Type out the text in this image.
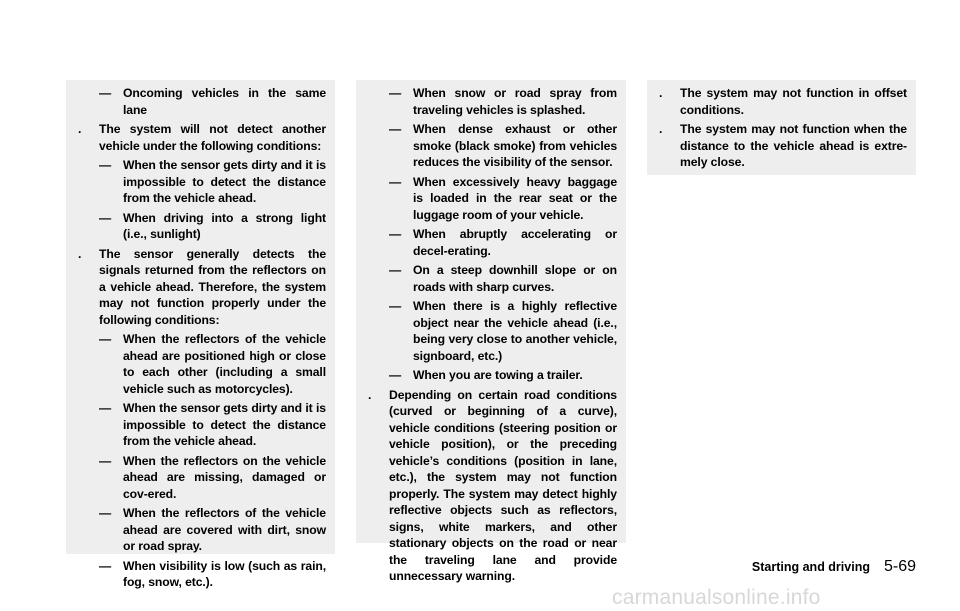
— Oncoming vehicles in the same lane
. The system will not detect another vehicle under the following conditions:
— When the sensor gets dirty and it is impossible to detect the distance from the vehicle ahead.
— When driving into a strong light (i.e., sunlight)
. The sensor generally detects the signals returned from the reflectors on a vehicle ahead. Therefore, the system may not function properly under the following conditions:
— When the reflectors of the vehicle ahead are positioned high or close to each other (including a small vehicle such as motorcycles).
— When the sensor gets dirty and it is impossible to detect the distance from the vehicle ahead.
— When the reflectors on the vehicle ahead are missing, damaged or cov-ered.
— When the reflectors of the vehicle ahead are covered with dirt, snow or road spray.
— When visibility is low (such as rain, fog, snow, etc.).
— When snow or road spray from traveling vehicles is splashed.
— When dense exhaust or other smoke (black smoke) from vehicles reduces the visibility of the sensor.
— When excessively heavy baggage is loaded in the rear seat or the luggage room of your vehicle.
— When abruptly accelerating or decel-erating.
— On a steep downhill slope or on roads with sharp curves.
— When there is a highly reflective object near the vehicle ahead (i.e., being very close to another vehicle, signboard, etc.)
— When you are towing a trailer.
. Depending on certain road conditions (curved or beginning of a curve), vehicle conditions (steering position or vehicle position), or the preceding vehicle’s conditions (position in lane, etc.), the system may not function properly. The system may detect highly reflective objects such as reflectors, signs, white markers, and other stationary objects on the road or near the traveling lane and provide unnecessary warning.
. The system may not function in offset conditions.
. The system may not function when the distance to the vehicle ahead is extre-mely close.
Starting and driving 5-69
carmanualsonline.info
